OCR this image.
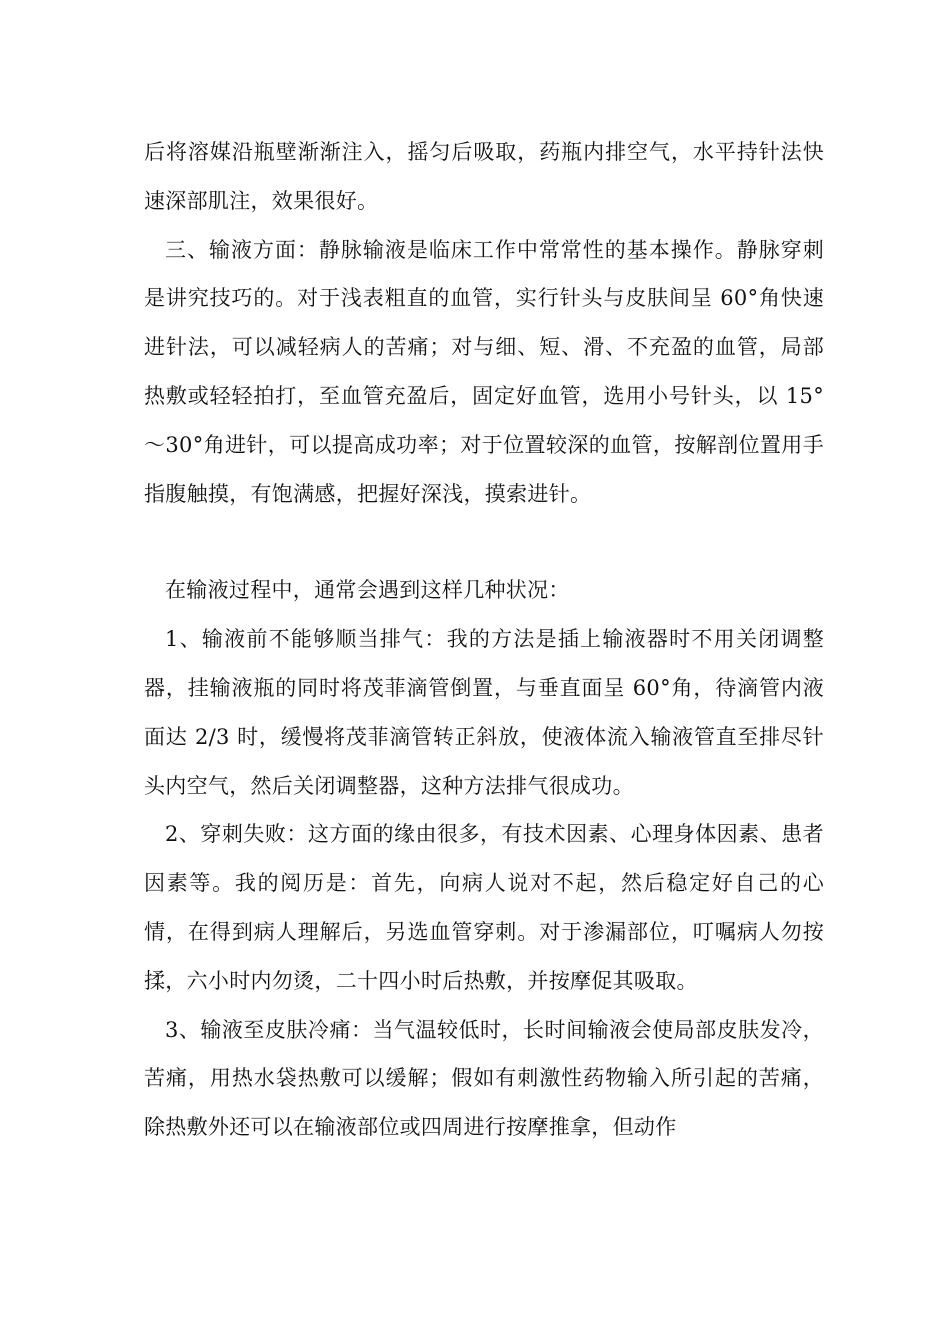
后将溶媒沿瓶壁渐渐注入，摇匀后吸取，药瓶内排空气，水平持针法快速深部肌注，效果很好。

三、输液方面：静脉输液是临床工作中常常性的基本操作。静脉穿刺是讲究技巧的。对于浅表粗直的血管，实行针头与皮肤间呈 60°角快速进针法，可以减轻病人的苦痛；对与细、短、滑、不充盈的血管，局部热敷或轻轻拍打，至血管充盈后，固定好血管，选用小号针头，以 15°～30°角进针，可以提高成功率；对于位置较深的血管，按解剖位置用手指腹触摸，有饱满感，把握好深浅，摸索进针。

在输液过程中，通常会遇到这样几种状况：

1、输液前不能够顺当排气：我的方法是插上输液器时不用关闭调整器，挂输液瓶的同时将茂菲滴管倒置，与垂直面呈 60°角，待滴管内液面达 2/3 时，缓慢将茂菲滴管转正斜放，使液体流入输液管直至排尽针头内空气，然后关闭调整器，这种方法排气很成功。

2、穿刺失败：这方面的缘由很多，有技术因素、心理身体因素、患者因素等。我的阅历是：首先，向病人说对不起，然后稳定好自己的心情，在得到病人理解后，另选血管穿刺。对于渗漏部位，叮嘱病人勿按揉，六小时内勿烫，二十四小时后热敷，并按摩促其吸取。

3、输液至皮肤冷痛：当气温较低时，长时间输液会使局部皮肤发冷，苦痛，用热水袋热敷可以缓解；假如有刺激性药物输入所引起的苦痛，除热敷外还可以在输液部位或四周进行按摩推拿，但动作
